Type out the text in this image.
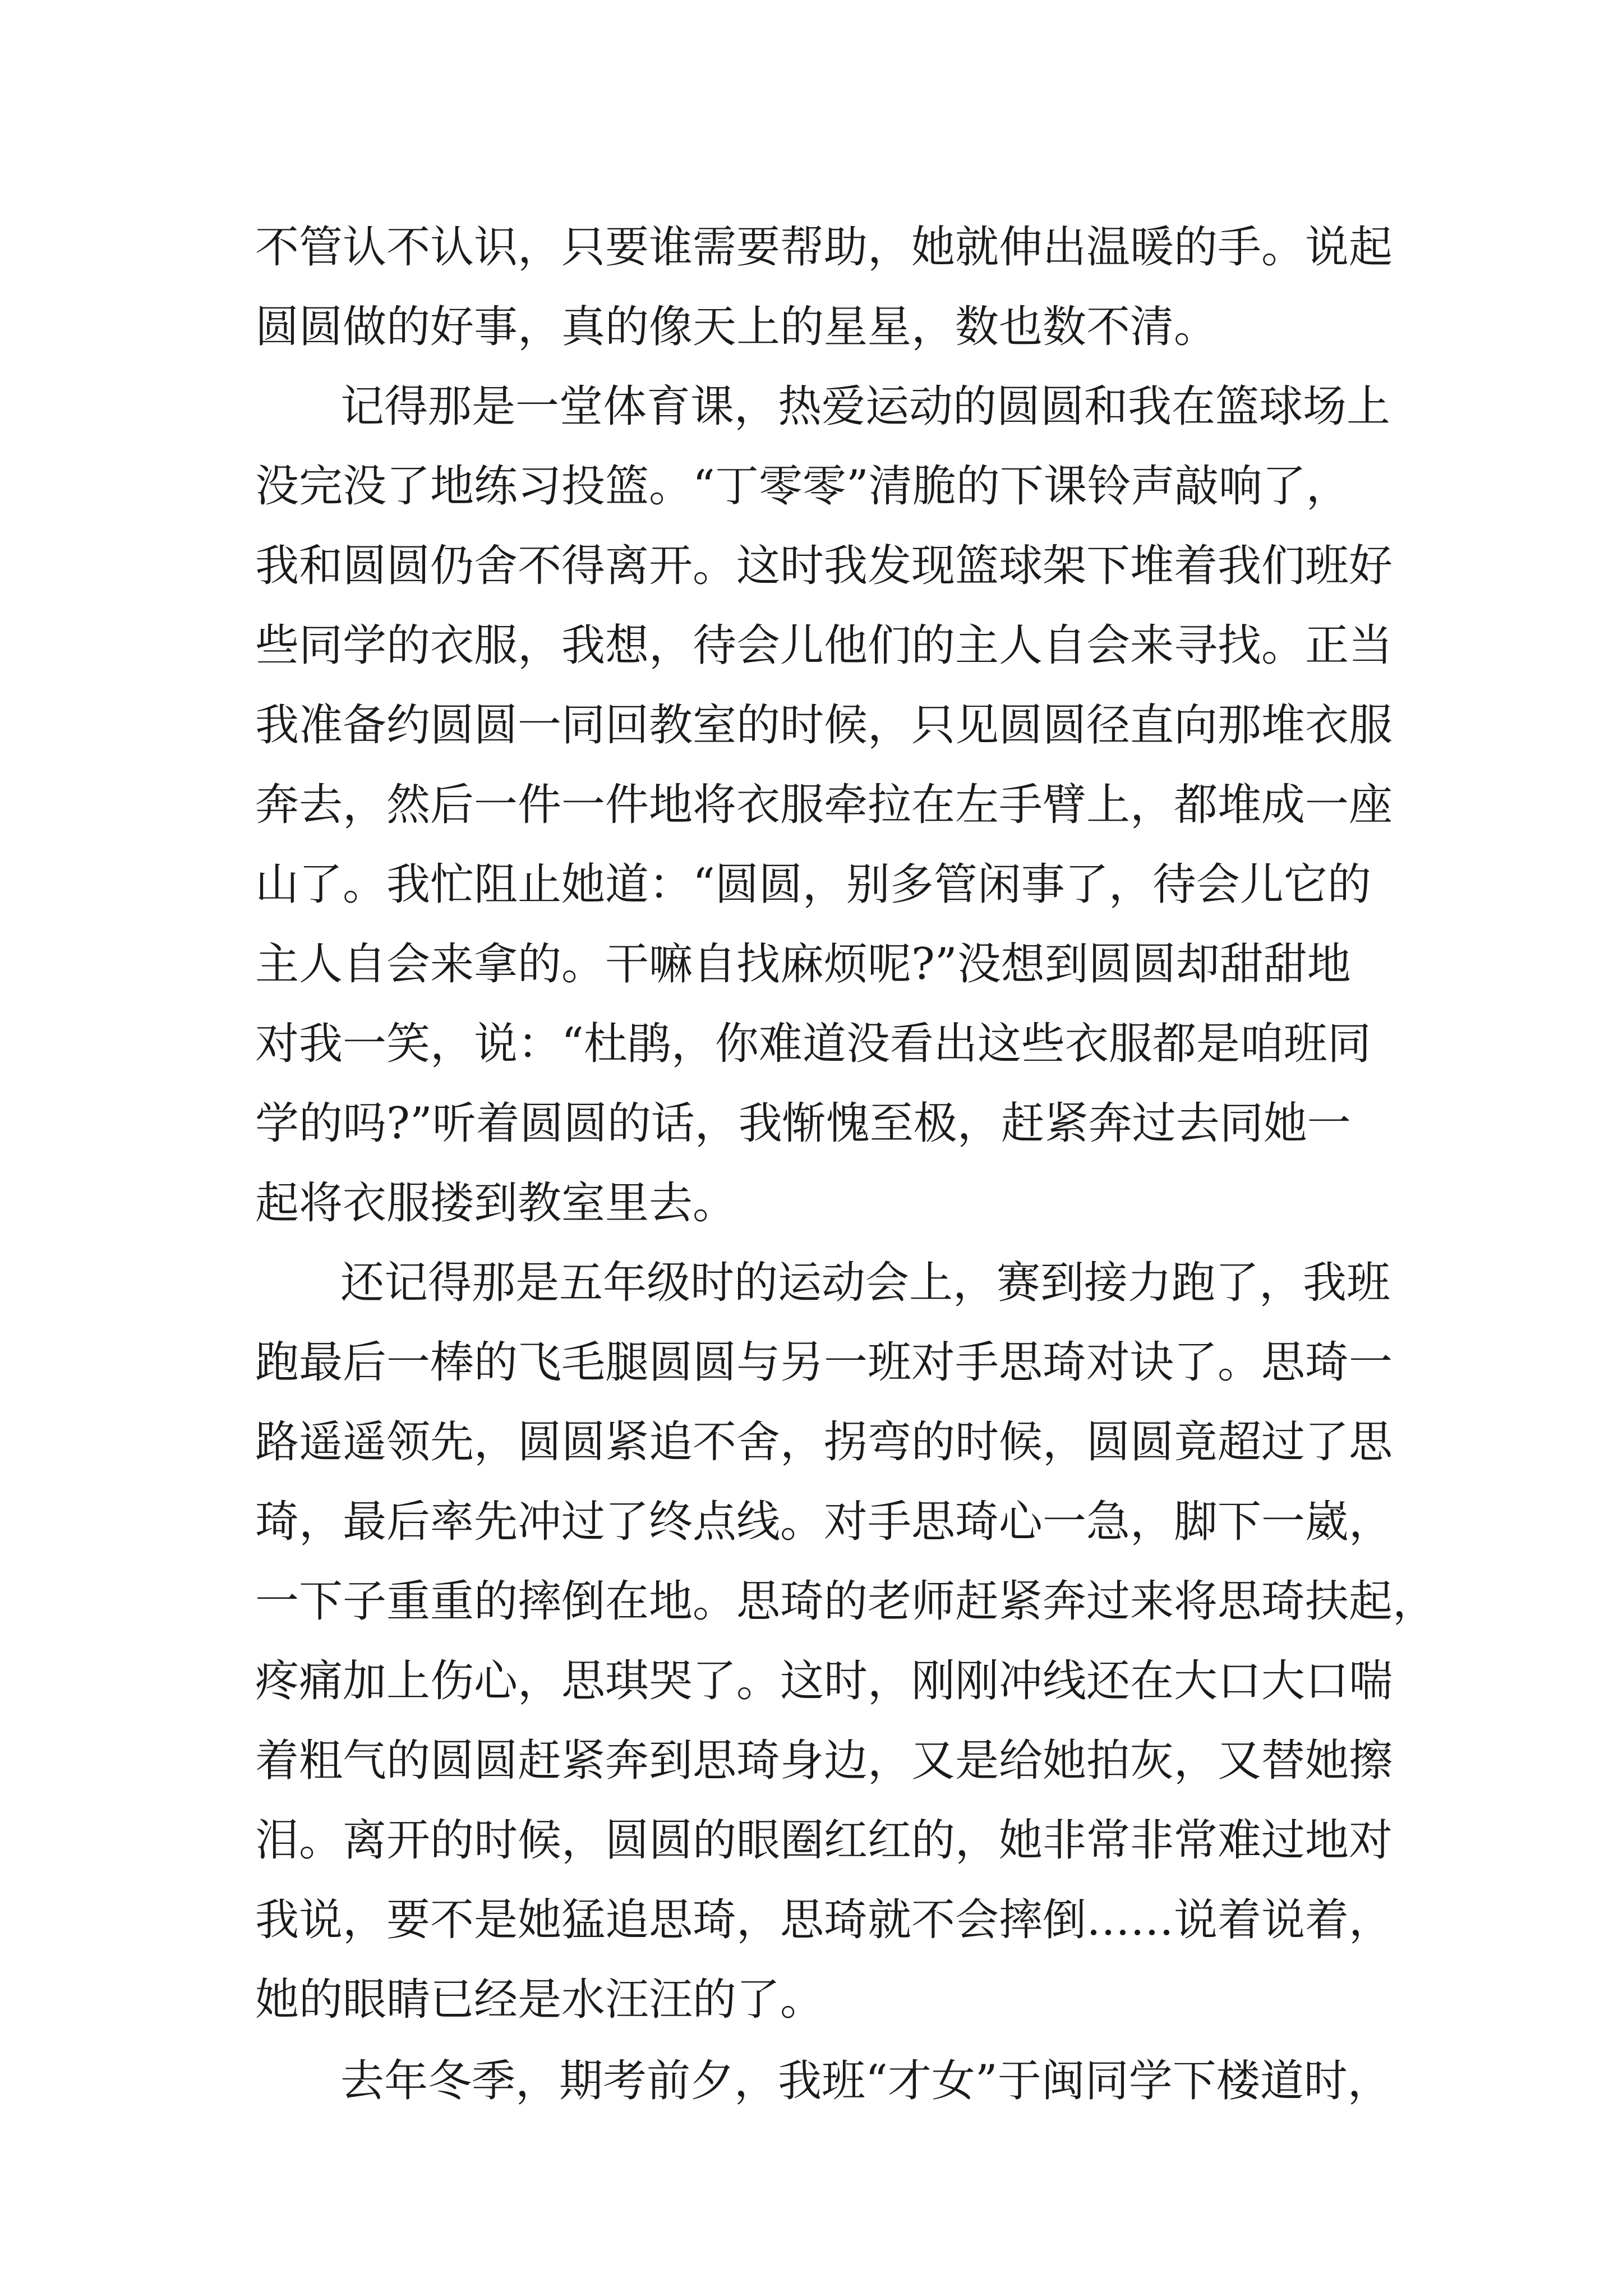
不管认不认识，只要谁需要帮助，她就伸出温暖的手。说起
圆圆做的好事，真的像天上的星星，数也数不清。
记得那是一堂体育课，热爱运动的圆圆和我在篮球场上
没完没了地练习投篮。“丁零零”清脆的下课铃声敲响了，
我和圆圆仍舍不得离开。这时我发现篮球架下堆着我们班好
些同学的衣服，我想，待会儿他们的主人自会来寻找。正当
我准备约圆圆一同回教室的时候，只见圆圆径直向那堆衣服
奔去，然后一件一件地将衣服牵拉在左手臂上，都堆成一座
山了。我忙阻止她道：“圆圆，别多管闲事了，待会儿它的
主人自会来拿的。干嘛自找麻烦呢?”没想到圆圆却甜甜地
对我一笑，说：“杜鹃，你难道没看出这些衣服都是咱班同
学的吗?”听着圆圆的话，我惭愧至极，赶紧奔过去同她一
起将衣服搂到教室里去。
还记得那是五年级时的运动会上，赛到接力跑了，我班
跑最后一棒的飞毛腿圆圆与另一班对手思琦对诀了。思琦一
路遥遥领先，圆圆紧追不舍，拐弯的时候，圆圆竟超过了思
琦，最后率先冲过了终点线。对手思琦心一急，脚下一崴，
一下子重重的摔倒在地。思琦的老师赶紧奔过来将思琦扶起，
疼痛加上伤心，思琪哭了。这时，刚刚冲线还在大口大口喘
着粗气的圆圆赶紧奔到思琦身边，又是给她拍灰，又替她擦
泪。离开的时候，圆圆的眼圈红红的，她非常非常难过地对
我说，要不是她猛追思琦，思琦就不会摔倒……说着说着，
她的眼睛已经是水汪汪的了。
去年冬季，期考前夕，我班“才女”于闽同学下楼道时，
